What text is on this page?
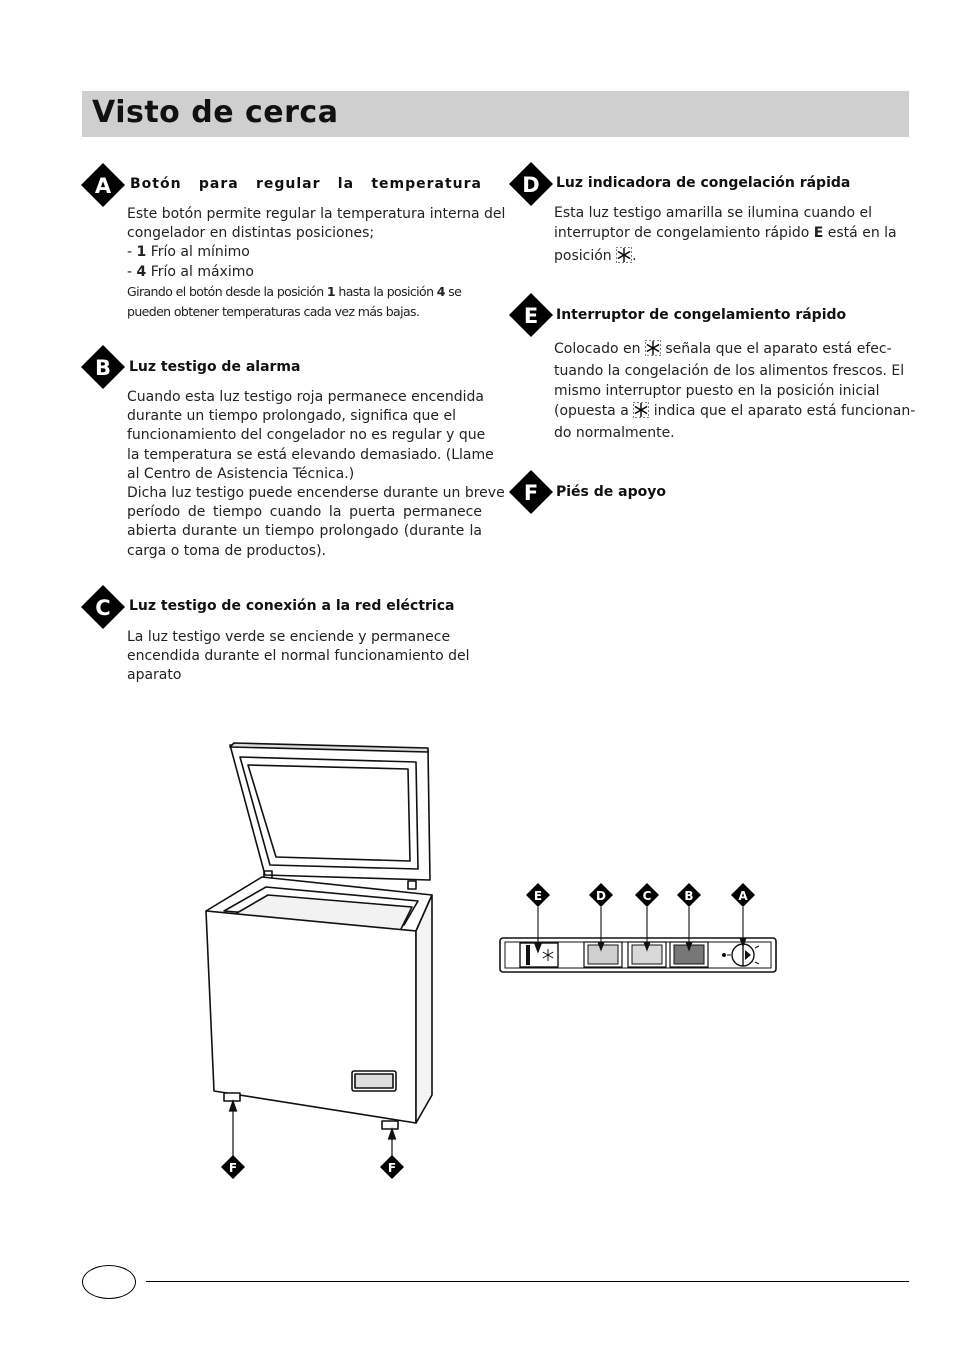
Visto de cerca
A Botón para regular la temperatura
Este botón permite regular la temperatura interna del
congelador en distintas posiciones;
- 1 Frío al mínimo
- 4 Frío al máximo
Girando el botón desde la posición 1 hasta la posición 4 se
pueden obtener temperaturas cada vez más bajas.
B Luz testigo de alarma
Cuando esta luz testigo roja permanece encendida
durante un tiempo prolongado, significa que el
funcionamiento del congelador no es regular y que
la temperatura se está elevando demasiado. (Llame
al Centro de Asistencia Técnica.)
Dicha luz testigo puede encenderse durante un breve
período de tiempo cuando la puerta permanece
abierta durante un tiempo prolongado (durante la
carga o toma de productos).
C Luz testigo de conexión a la red eléctrica
La luz testigo verde se enciende y permanece
encendida durante el normal funcionamiento del
aparato
D Luz indicadora de congelación rápida
Esta luz testigo amarilla se ilumina cuando el
interruptor de congelamiento rápido E está en la
posición .
E Interruptor de congelamiento rápido
Colocado en  señala que el aparato está efec-
tuando la congelación de los alimentos frescos. El
mismo interruptor puesto en la posición inicial
(opuesta a  indica que el aparato está funcionan-
do normalmente.
F Piés de apoyo
F	F
E	D	C	B	A
